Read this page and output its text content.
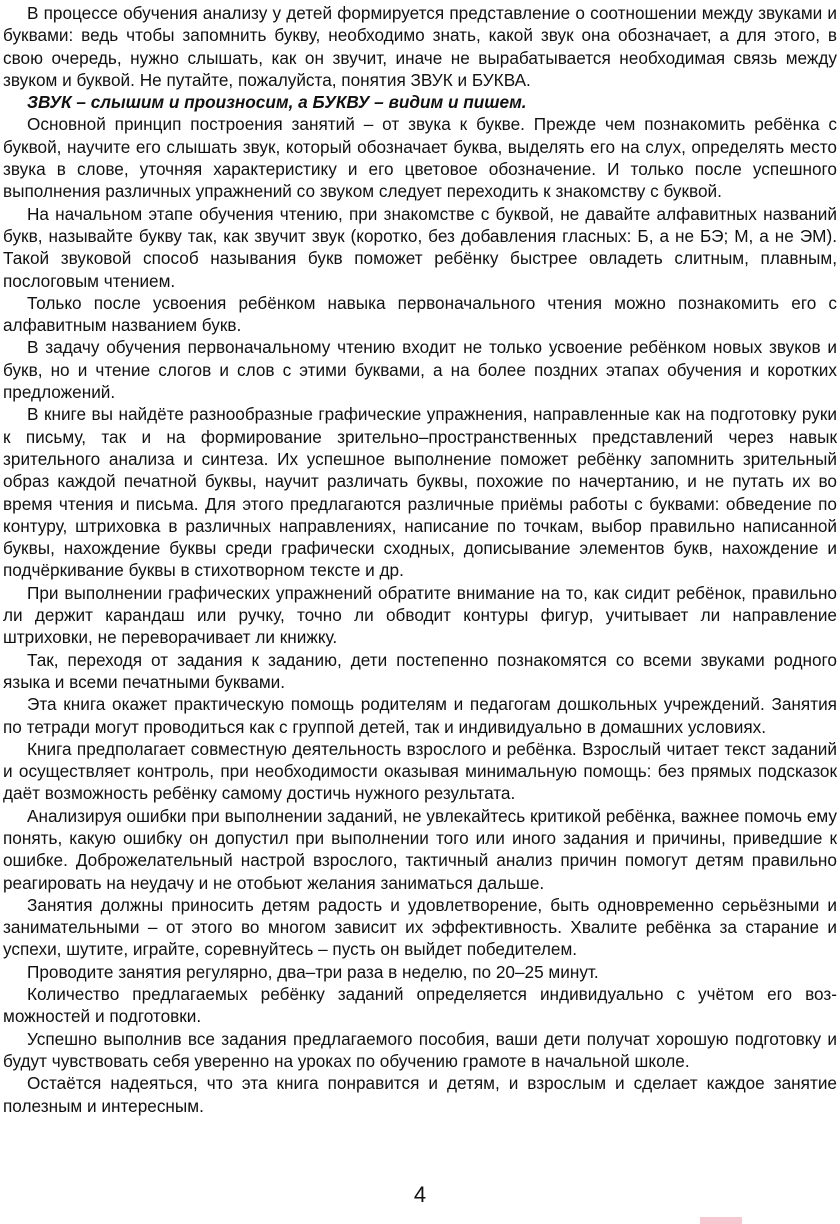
В процессе обучения анализу у детей формируется представление о соотношении между звуками и буквами: ведь чтобы запомнить букву, необходимо знать, какой звук она обозначает, а для этого, в свою очередь, нужно слышать, как он звучит, иначе не вырабатывается необходимая связь между звуком и буквой. Не путайте, пожалуйста, понятия ЗВУК и БУКВА.

ЗВУК – слышим и произносим, а БУКВУ – видим и пишем.

Основной принцип построения занятий – от звука к букве. Прежде чем познакомить ребёнка с буквой, научите его слышать звук, который обозначает буква, выделять его на слух, определять место звука в слове, уточняя характеристику и его цветовое обозначение. И только после успешного выполнения различных упражнений со звуком следует переходить к знакомству с буквой.

На начальном этапе обучения чтению, при знакомстве с буквой, не давайте алфавитных названий букв, называйте букву так, как звучит звук (коротко, без добавления гласных: Б, а не БЭ; М, а не ЭМ). Такой звуковой способ называния букв поможет ребёнку быстрее овладеть слитным, плавным, послоговым чтением.

Только после усвоения ребёнком навыка первоначального чтения можно познакомить его с алфавитным названием букв.

В задачу обучения первоначальному чтению входит не только усвоение ребёнком новых звуков и букв, но и чтение слогов и слов с этими буквами, а на более поздних этапах обучения и коротких предложений.

В книге вы найдёте разнообразные графические упражнения, направленные как на подготовку руки к письму, так и на формирование зрительно–пространственных представлений через навык зрительного анализа и синтеза. Их успешное выполнение поможет ребёнку запомнить зрительный образ каждой печатной буквы, научит различать буквы, похожие по начертанию, и не путать их во время чтения и письма. Для этого предлагаются различные приёмы работы с буквами: обведение по контуру, штриховка в различных направлениях, написание по точкам, выбор правильно написанной буквы, нахождение буквы среди графически сходных, дописывание элементов букв, нахождение и подчёркивание буквы в стихотворном тексте и др.

При выполнении графических упражнений обратите внимание на то, как сидит ребёнок, правильно ли держит карандаш или ручку, точно ли обводит контуры фигур, учитывает ли направление штриховки, не переворачивает ли книжку.

Так, переходя от задания к заданию, дети постепенно познакомятся со всеми звуками родного языка и всеми печатными буквами.

Эта книга окажет практическую помощь родителям и педагогам дошкольных учреждений. Занятия по тетради могут проводиться как с группой детей, так и индивидуально в домашних условиях.

Книга предполагает совместную деятельность взрослого и ребёнка. Взрослый читает текст заданий и осуществляет контроль, при необходимости оказывая минимальную помощь: без прямых подсказок даёт возможность ребёнку самому достичь нужного результата.

Анализируя ошибки при выполнении заданий, не увлекайтесь критикой ребёнка, важнее помочь ему понять, какую ошибку он допустил при выполнении того или иного задания и причины, приведшие к ошибке. Доброжелательный настрой взрослого, тактичный анализ причин помогут детям правильно реагировать на неудачу и не отобьют желания заниматься дальше.

Занятия должны приносить детям радость и удовлетворение, быть одновременно серьёзными и занимательными – от этого во многом зависит их эффективность. Хвалите ребёнка за старание и успехи, шутите, играйте, соревнуйтесь – пусть он выйдет победителем.

Проводите занятия регулярно, два–три раза в неделю, по 20–25 минут.

Количество предлагаемых ребёнку заданий определяется индивидуально с учётом его возможностей и подготовки.

Успешно выполнив все задания предлагаемого пособия, ваши дети получат хорошую подготовку и будут чувствовать себя уверенно на уроках по обучению грамоте в начальной школе.

Остаётся надеяться, что эта книга понравится и детям, и взрослым и сделает каждое занятие полезным и интересным.

4
